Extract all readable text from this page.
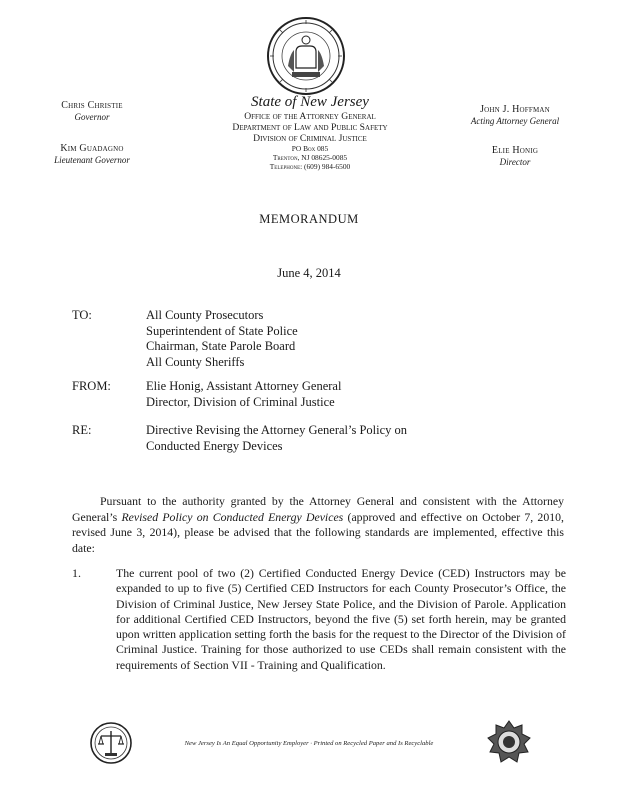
Chris Christie
Governor
Kim Guadagno
Lieutenant Governor
John J. Hoffman
Acting Attorney General
Elie Honig
Director
State of New Jersey
Office of the Attorney General
Department of Law and Public Safety
Division of Criminal Justice
PO Box 085
Trenton, NJ 08625-0085
Telephone: (609) 984-6500
MEMORANDUM
June 4, 2014
TO:	All County Prosecutors
Superintendent of State Police
Chairman, State Parole Board
All County Sheriffs
FROM:	Elie Honig, Assistant Attorney General
Director, Division of Criminal Justice
RE:	Directive Revising the Attorney General’s Policy on
Conducted Energy Devices
Pursuant to the authority granted by the Attorney General and consistent with the Attorney General’s Revised Policy on Conducted Energy Devices (approved and effective on October 7, 2010, revised June 3, 2014), please be advised that the following standards are implemented, effective this date:
1.	The current pool of two (2) Certified Conducted Energy Device (CED) Instructors may be expanded to up to five (5) Certified CED Instructors for each County Prosecutor’s Office, the Division of Criminal Justice, New Jersey State Police, and the Division of Parole. Application for additional Certified CED Instructors, beyond the five (5) set forth herein, may be granted upon written application setting forth the basis for the request to the Director of the Division of Criminal Justice. Training for those authorized to use CEDs shall remain consistent with the requirements of Section VII - Training and Qualification.
New Jersey Is An Equal Opportunity Employer · Printed on Recycled Paper and Is Recyclable
